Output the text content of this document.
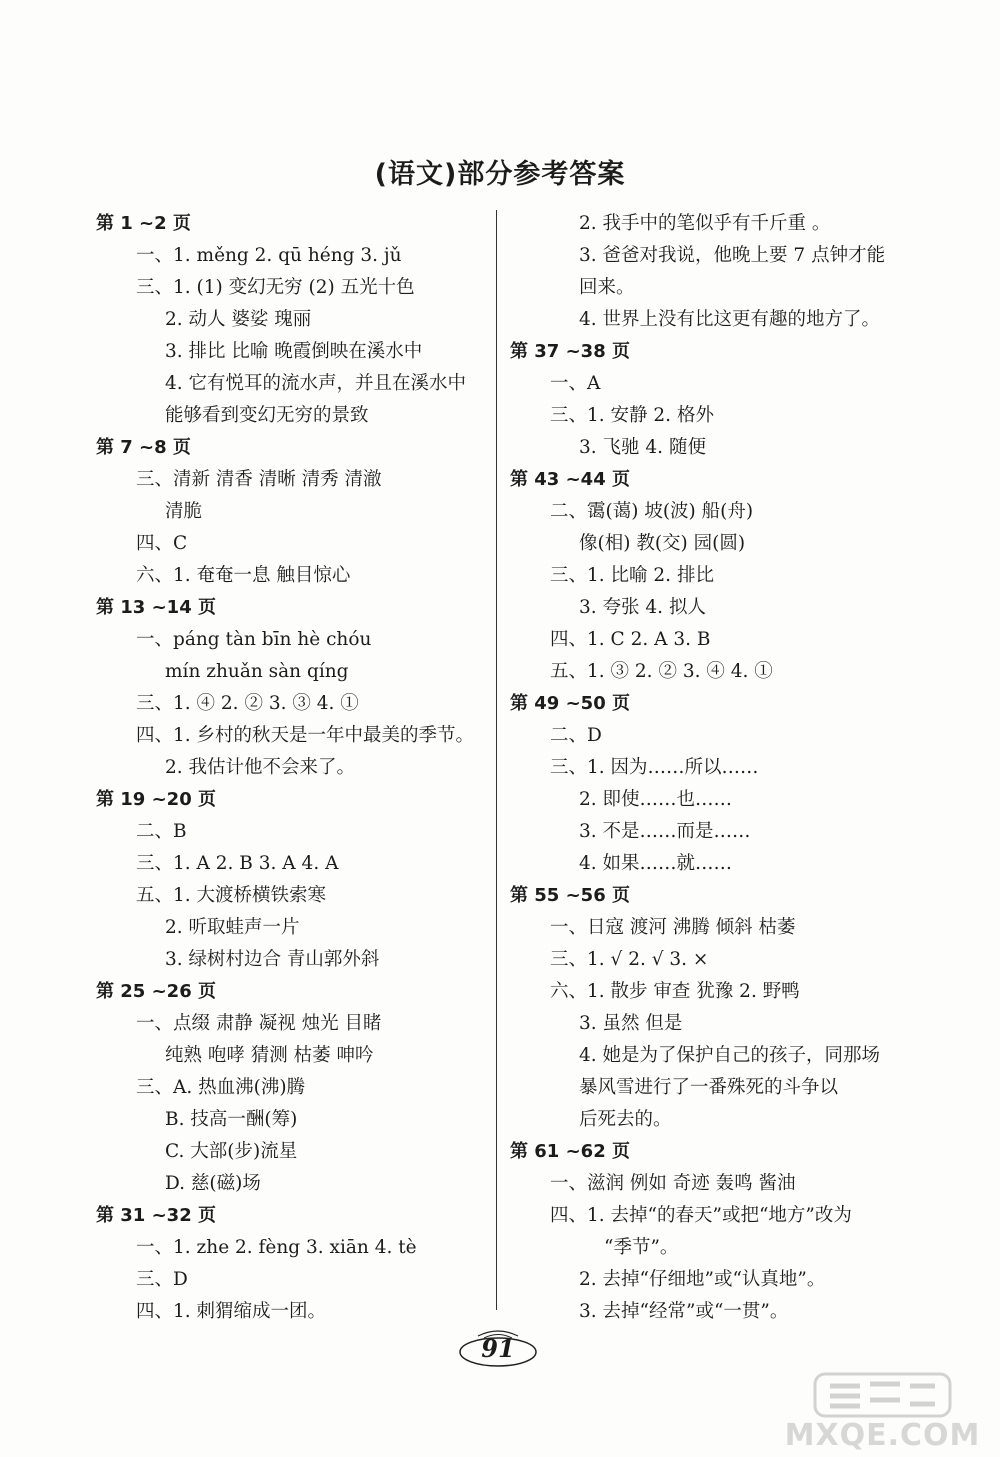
(语文)部分参考答案
第 1 ~2 页
一、1. měng 2. qū héng 3. jǔ
三、1. (1) 变幻无穷 (2) 五光十色
2. 动人 婆娑 瑰丽
3. 排比 比喻 晚霞倒映在溪水中
4. 它有悦耳的流水声，并且在溪水中
能够看到变幻无穷的景致
第 7 ~8 页
三、清新 清香 清晰 清秀 清澈
清脆
四、C
六、1. 奄奄一息 触目惊心
第 13 ~14 页
一、páng tàn bīn hè chóu
mín zhuǎn sàn qíng
三、1. ④ 2. ② 3. ③ 4. ①
四、1. 乡村的秋天是一年中最美的季节。
2. 我估计他不会来了。
第 19 ~20 页
二、B
三、1. A 2. B 3. A 4. A
五、1. 大渡桥横铁索寒
2. 听取蛙声一片
3. 绿树村边合 青山郭外斜
第 25 ~26 页
一、点缀 肃静 凝视 烛光 目睹
纯熟 咆哮 猜测 枯萎 呻吟
三、A. 热血沸(沸)腾
B. 技高一酬(筹)
C. 大部(步)流星
D. 慈(磁)场
第 31 ~32 页
一、1. zhe 2. fèng 3. xiān 4. tè
三、D
四、1. 刺猬缩成一团。
2. 我手中的笔似乎有千斤重 。
3. 爸爸对我说，他晚上要 7 点钟才能
回来。
4. 世界上没有比这更有趣的地方了。
第 37 ~38 页
一、A
三、1. 安静 2. 格外
3. 飞驰 4. 随便
第 43 ~44 页
二、霭(蔼) 坡(波) 船(舟)
像(相) 教(交) 园(圆)
三、1. 比喻 2. 排比
3. 夸张 4. 拟人
四、1. C 2. A 3. B
五、1. ③ 2. ② 3. ④ 4. ①
第 49 ~50 页
二、D
三、1. 因为……所以……
2. 即使……也……
3. 不是……而是……
4. 如果……就……
第 55 ~56 页
一、日寇 渡河 沸腾 倾斜 枯萎
三、1. √ 2. √ 3. ×
六、1. 散步 审查 犹豫 2. 野鸭
3. 虽然 但是
4. 她是为了保护自己的孩子，同那场
暴风雪进行了一番殊死的斗争以
后死去的。
第 61 ~62 页
一、滋润 例如 奇迹 轰鸣 酱油
四、1. 去掉“的春天”或把“地方”改为
“季节”。
2. 去掉“仔细地”或“认真地”。
3. 去掉“经常”或“一贯”。
91
MXQE.COM
